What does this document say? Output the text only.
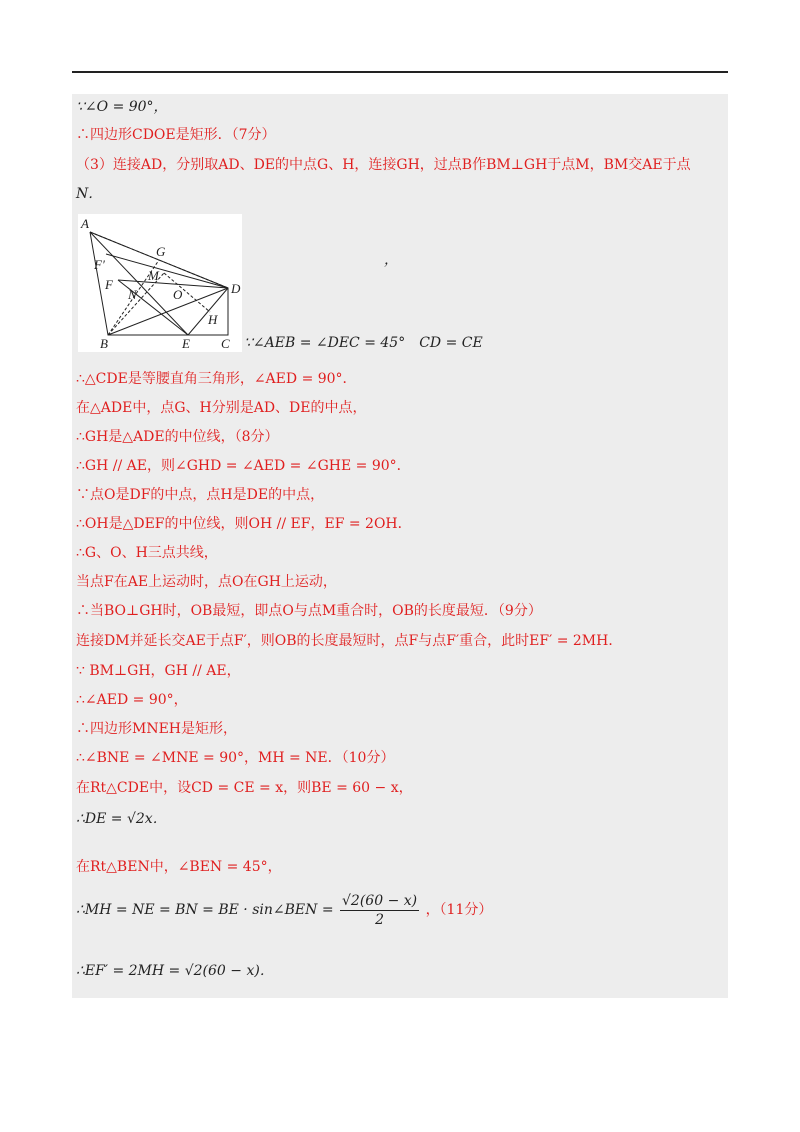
∵∠O = 90°，
∴四边形CDOE是矩形．（7分）
（3）连接AD，分别取AD、DE的中点G、H，连接GH，过点B作BM⊥GH于点M，BM交AE于点
N．
A
B	C
D
E
F
F′
G
H
M
N	O
，
∵∠AEB = ∠DEC = 45°　CD = CE
∴△CDE是等腰直角三角形，∠AED = 90°．
在△ADE中，点G、H分别是AD、DE的中点，
∴GH是△ADE的中位线，（8分）
∴GH // AE，则∠GHD = ∠AED = ∠GHE = 90°．
∵点O是DF的中点，点H是DE的中点，
∴OH是△DEF的中位线，则OH // EF，EF = 2OH．
∴G、O、H三点共线，
当点F在AE上运动时，点O在GH上运动，
∴当BO⊥GH时，OB最短，即点O与点M重合时，OB的长度最短．（9分）
连接DM并延长交AE于点F′，则OB的长度最短时，点F与点F′重合，此时EF′ = 2MH．
∵ BM⊥GH，GH // AE，
∴∠AED = 90°，
∴四边形MNEH是矩形，
∴∠BNE = ∠MNE = 90°，MH = NE．（10分）
在Rt△CDE中，设CD = CE = x，则BE = 60 − x，
∴DE = √2x．
在Rt△BEN中，∠BEN = 45°，
∴MH = NE = BN = BE · sin∠BEN = $\frac{√2(60 - x)}{2}$ ，（11分）
∴EF′ = 2MH = √2(60 − x)．
